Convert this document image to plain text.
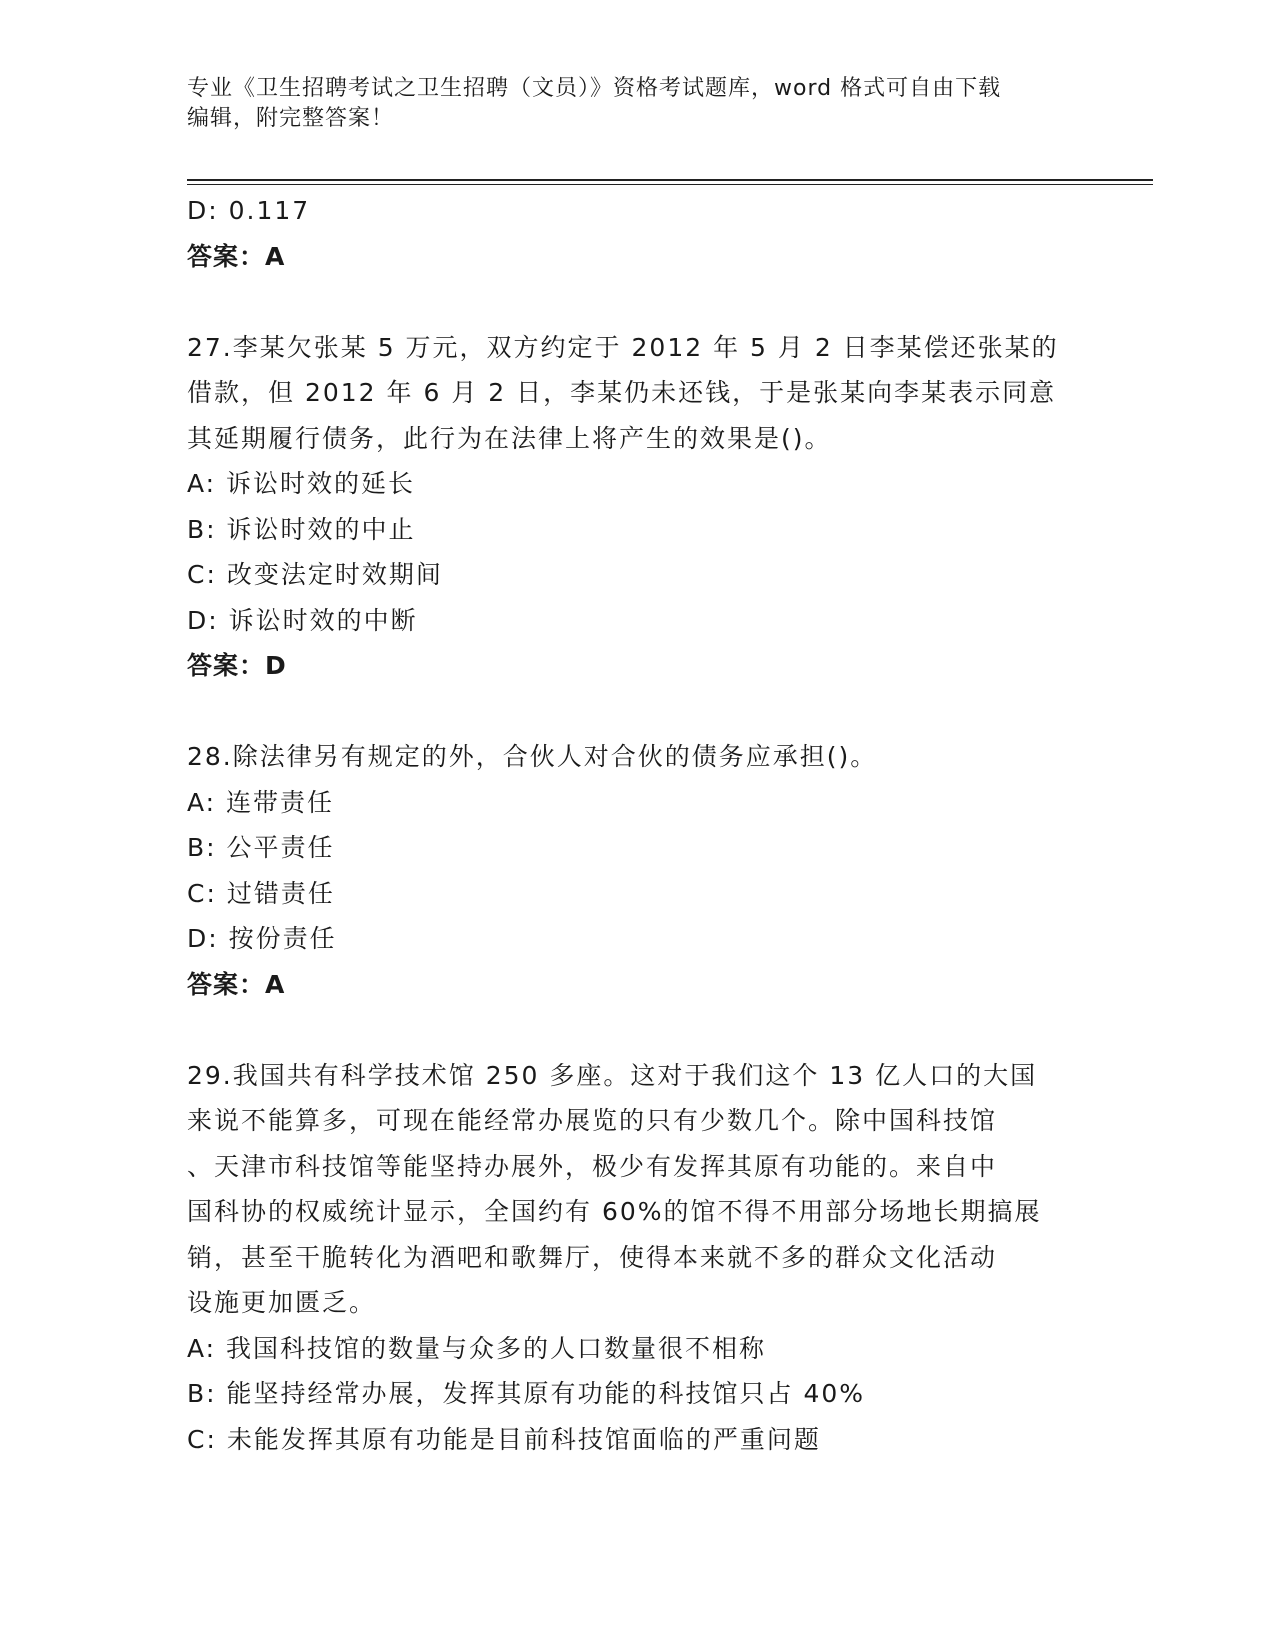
专业《卫生招聘考试之卫生招聘（文员）》资格考试题库，word 格式可自由下载
编辑，附完整答案！
D: 0.117
答案：A
27.李某欠张某 5 万元，双方约定于 2012 年 5 月 2 日李某偿还张某的
借款，但 2012 年 6 月 2 日，李某仍未还钱，于是张某向李某表示同意
其延期履行债务，此行为在法律上将产生的效果是()。
A: 诉讼时效的延长
B: 诉讼时效的中止
C: 改变法定时效期间
D: 诉讼时效的中断
答案：D
28.除法律另有规定的外，合伙人对合伙的债务应承担()。
A: 连带责任
B: 公平责任
C: 过错责任
D: 按份责任
答案：A
29.我国共有科学技术馆 250 多座。这对于我们这个 13 亿人口的大国
来说不能算多，可现在能经常办展览的只有少数几个。除中国科技馆
、天津市科技馆等能坚持办展外，极少有发挥其原有功能的。来自中
国科协的权威统计显示，全国约有 60%的馆不得不用部分场地长期搞展
销，甚至干脆转化为酒吧和歌舞厅，使得本来就不多的群众文化活动
设施更加匮乏。
A: 我国科技馆的数量与众多的人口数量很不相称
B: 能坚持经常办展，发挥其原有功能的科技馆只占 40%
C: 未能发挥其原有功能是目前科技馆面临的严重问题
